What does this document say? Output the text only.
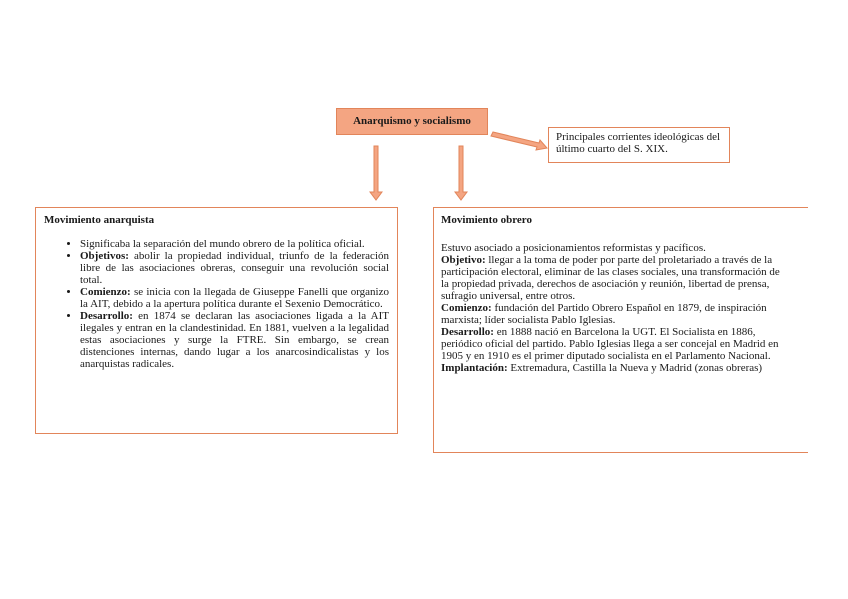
Anarquismo y socialismo
Principales corrientes ideológicas del último cuarto del S. XIX.
Movimiento anarquista
• Significaba la separación del mundo obrero de la política oficial.
• Objetivos: abolir la propiedad individual, triunfo de la federación libre de las asociaciones obreras, conseguir una revolución social total.
• Comienzo: se inicia con la llegada de Giuseppe Fanelli que organizo la AIT, debido a la apertura política durante el Sexenio Democrático.
• Desarrollo: en 1874 se declaran las asociaciones ligada a la AIT ilegales y entran en la clandestinidad. En 1881, vuelven a la legalidad estas asociaciones y surge la FTRE. Sin embargo, se crean distenciones internas, dando lugar a los anarcosindicalistas y los anarquistas radicales.
Movimiento obrero

Estuvo asociado a posicionamientos reformistas y pacíficos.

Objetivo: llegar a la toma de poder por parte del proletariado a través de la

participación electoral, eliminar de las clases sociales, una transformación de

la propiedad privada, derechos de asociación y reunión, libertad de prensa,

sufragio universal, entre otros.

Comienzo: fundación del Partido Obrero Español en 1879, de inspiración

marxista; líder socialista Pablo Iglesias.

Desarrollo: en 1888 nació en Barcelona la UGT. El Socialista en 1886,

periódico oficial del partido. Pablo Iglesias llega a ser concejal en Madrid en

1905 y en 1910 es el primer diputado socialista en el Parlamento Nacional.

Implantación: Extremadura, Castilla la Nueva y Madrid (zonas obreras)
